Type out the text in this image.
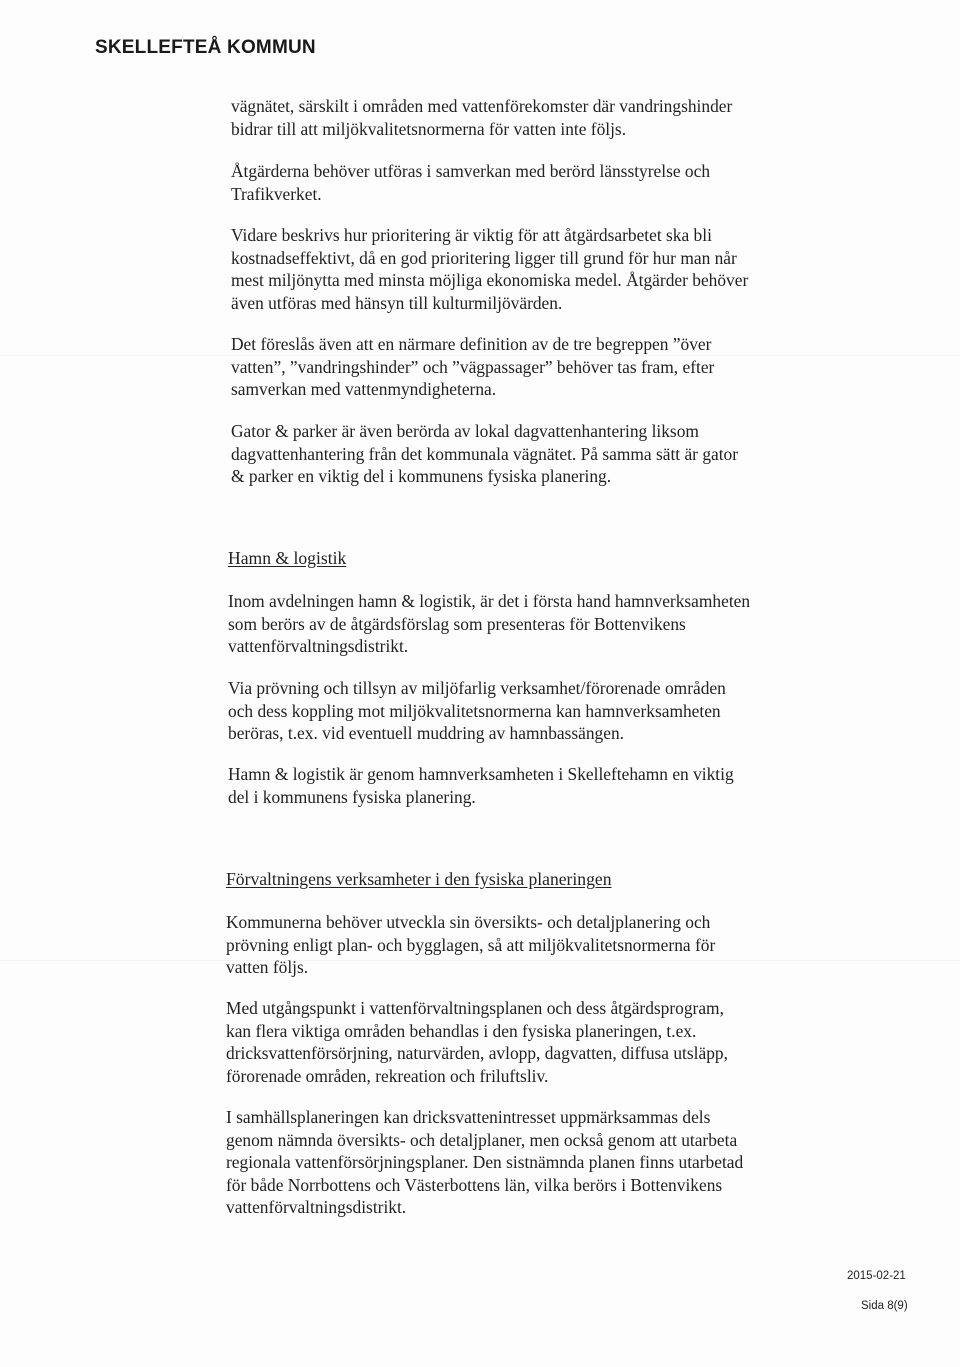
SKELLEFTEÅ KOMMUN
vägnätet, särskilt i områden med vattenförekomster där vandringshinder
bidrar till att miljökvalitetsnormerna för vatten inte följs.
Åtgärderna behöver utföras i samverkan med berörd länsstyrelse och
Trafikverket.
Vidare beskrivs hur prioritering är viktig för att åtgärdsarbetet ska bli
kostnadseffektivt, då en god prioritering ligger till grund för hur man når
mest miljönytta med minsta möjliga ekonomiska medel. Åtgärder behöver
även utföras med hänsyn till kulturmiljövärden.
Det föreslås även att en närmare definition av de tre begreppen ”över
vatten”, ”vandringshinder” och ”vägpassager” behöver tas fram, efter
samverkan med vattenmyndigheterna.
Gator & parker är även berörda av lokal dagvattenhantering liksom
dagvattenhantering från det kommunala vägnätet. På samma sätt är gator
& parker en viktig del i kommunens fysiska planering.
Hamn & logistik
Inom avdelningen hamn & logistik, är det i första hand hamnverksamheten
som berörs av de åtgärdsförslag som presenteras för Bottenvikens
vattenförvaltningsdistrikt.
Via prövning och tillsyn av miljöfarlig verksamhet/förorenade områden
och dess koppling mot miljökvalitetsnormerna kan hamnverksamheten
beröras, t.ex. vid eventuell muddring av hamnbassängen.
Hamn & logistik är genom hamnverksamheten i Skelleftehamn en viktig
del i kommunens fysiska planering.
Förvaltningens verksamheter i den fysiska planeringen
Kommunerna behöver utveckla sin översikts- och detaljplanering och
prövning enligt plan- och bygglagen, så att miljökvalitetsnormerna för
vatten följs.
Med utgångspunkt i vattenförvaltningsplanen och dess åtgärdsprogram,
kan flera viktiga områden behandlas i den fysiska planeringen, t.ex.
dricksvattenförsörjning, naturvärden, avlopp, dagvatten, diffusa utsläpp,
förorenade områden, rekreation och friluftsliv.
I samhällsplaneringen kan dricksvattenintresset uppmärksammas dels
genom nämnda översikts- och detaljplaner, men också genom att utarbeta
regionala vattenförsörjningsplaner. Den sistnämnda planen finns utarbetad
för både Norrbottens och Västerbottens län, vilka berörs i Bottenvikens
vattenförvaltningsdistrikt.
2015-02-21
Sida 8(9)
